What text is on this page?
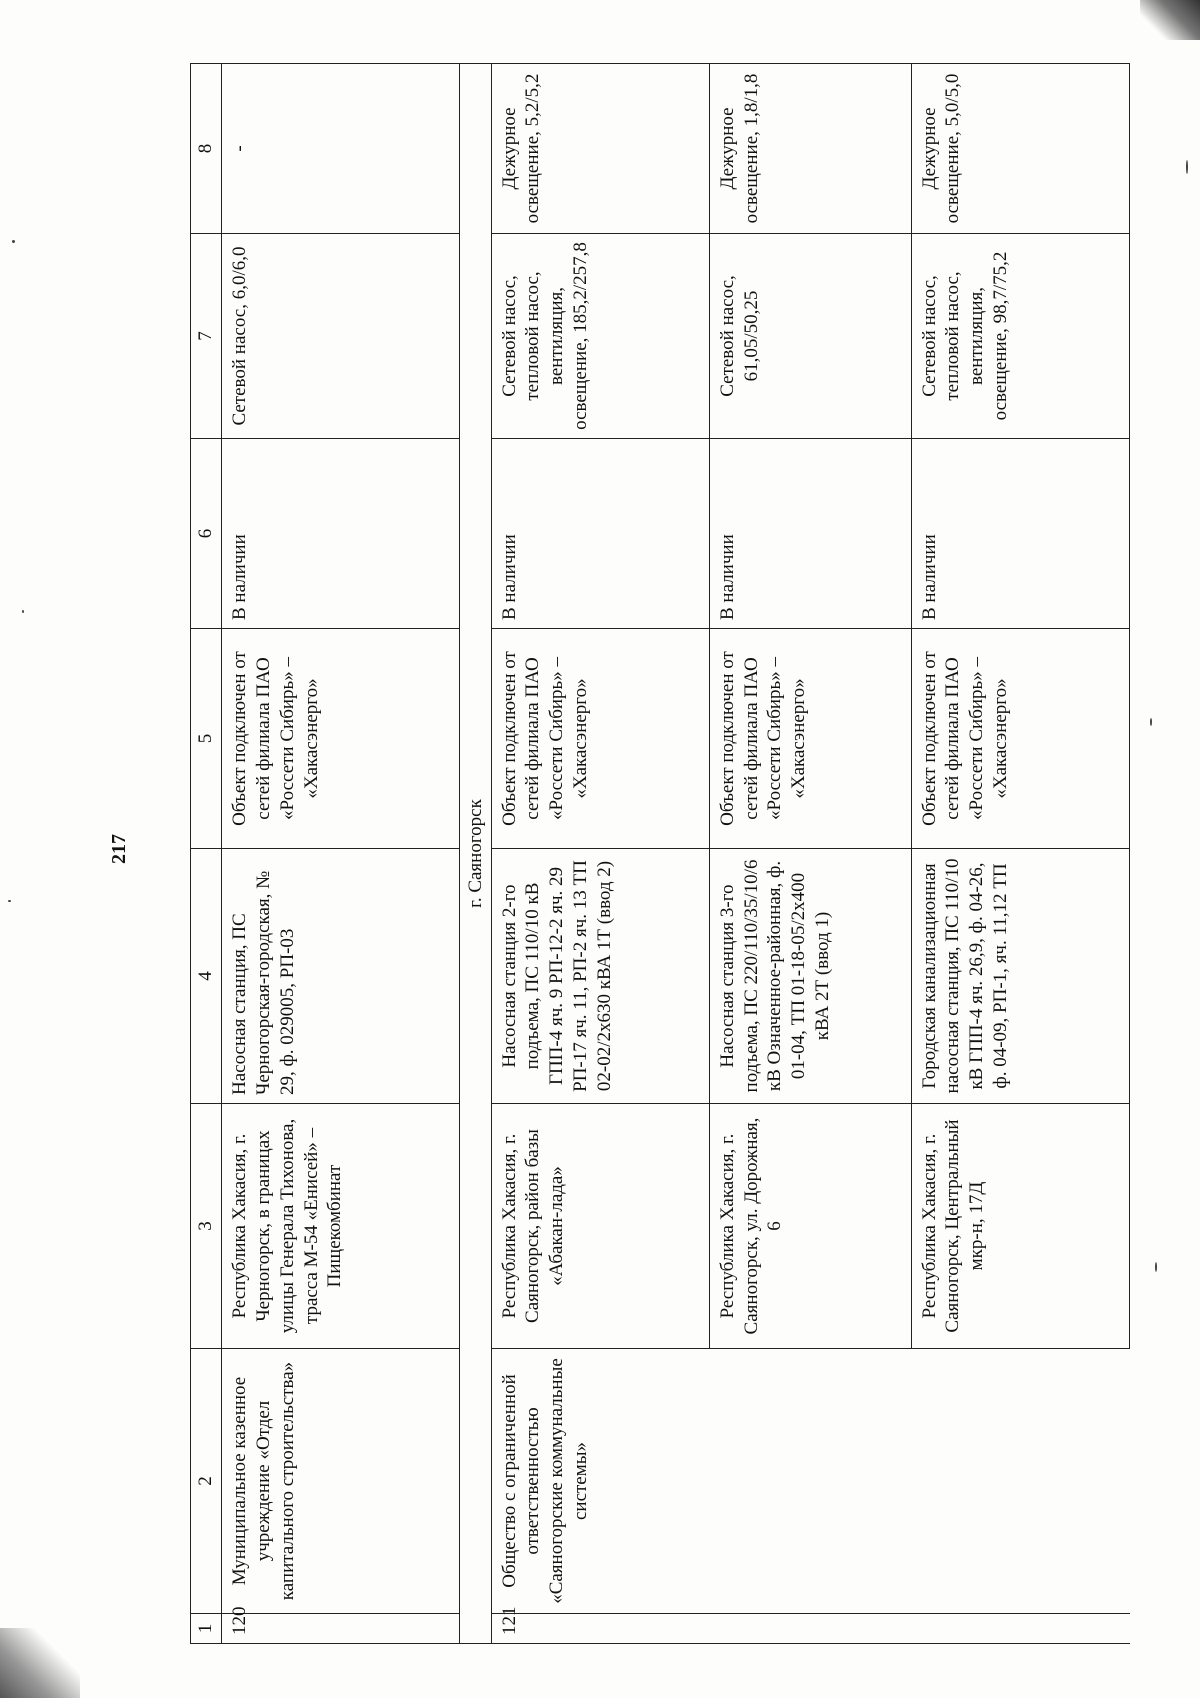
217
1	2	3	4	5	6	7	8
120	Муниципальное казенное учреждение «Отдел капитального строительства»	Республика Хакасия, г. Черногорск, в границах улицы Генерала Тихонова, трасса М-54 «Енисей» – Пищекомбинат	Насосная станция, ПС Черногорская-городская, № 29, ф. 029005, РП-03	Объект подключен от сетей филиала ПАО «Россети Сибирь» – «Хакасэнерго»	В наличии	Сетевой насос, 6,0/6,0	-
г. Саяногорск							
121	Общество с ограниченной ответственностью «Саяногорские коммунальные системы»	Республика Хакасия, г. Саяногорск, район базы «Абакан-лада»	Насосная станция 2-го подъема, ПС 110/10 кВ ГПП-4 яч. 9 РП-12-2 яч. 29 РП-17 яч. 11, РП-2 яч. 13 ТП 02-02/2х630 кВА 1Т (ввод 2)	Объект подключен от сетей филиала ПАО «Россети Сибирь» – «Хакасэнерго»	В наличии	Сетевой насос, тепловой насос, вентиляция, освещение, 185,2/257,8	Дежурное освещение, 5,2/5,2
		Республика Хакасия, г. Саяногорск, ул. Дорожная, 6	Насосная станция 3-го подъема, ПС 220/110/35/10/6 кВ Означенное-районная, ф. 01-04, ТП 01-18-05/2х400 кВА 2Т (ввод 1)	Объект подключен от сетей филиала ПАО «Россети Сибирь» – «Хакасэнерго»	В наличии	Сетевой насос, 61,05/50,25	Дежурное освещение, 1,8/1,8
		Республика Хакасия, г. Саяногорск, Центральный мкр-н, 17Д	Городская канализационная насосная станция, ПС 110/10 кВ ГПП-4 яч. 26,9, ф. 04-26, ф. 04-09, РП-1, яч. 11,12 ТП	Объект подключен от сетей филиала ПАО «Россети Сибирь» – «Хакасэнерго»	В наличии	Сетевой насос, тепловой насос, вентиляция, освещение, 98,7/75,2	Дежурное освещение, 5,0/5,0
